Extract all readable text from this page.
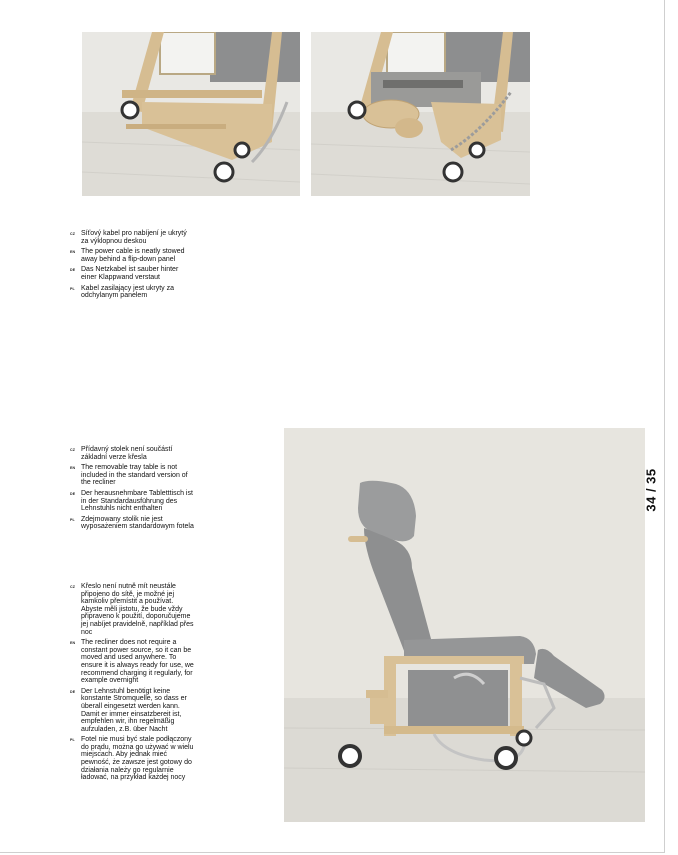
CZ Síťový kabel pro nabíjení je ukrytý za výklopnou deskou
EN The power cable is neatly stowed away behind a flip-down panel
DE Das Netzkabel ist sauber hinter einer Klappwand verstaut
PL Kabel zasilający jest ukryty za odchylanym panelem
CZ Přídavný stolek není součástí základní verze křesla
EN The removable tray table is not included in the standard version of the recliner
DE Der herausnehmbare Tabletttisch ist in der Standardausführung des Lehnstuhls nicht enthalten
PL Zdejmowany stolik nie jest wyposażeniem standardowym fotela
CZ Křeslo není nutně mít neustále připojeno do sítě, je možné jej kamkoliv přemístit a používat. Abyste měli jistotu, že bude vždy připraveno k použití, doporučujeme jej nabíjet pravidelně, například přes noc
EN The recliner does not require a constant power source, so it can be moved and used anywhere. To ensure it is always ready for use, we recommend charging it regularly, for example overnight
DE Der Lehnstuhl benötigt keine konstante Stromquelle, so dass er überall eingesetzt werden kann. Damit er immer einsatzbereit ist, empfehlen wir, ihn regelmäßig aufzuladen, z.B. über Nacht
PL Fotel nie musi być stale podłączony do prądu, można go używać w wielu miejscach. Aby jednak mieć pewność, że zawsze jest gotowy do działania należy go regularnie ładować, na przykład każdej nocy
34 / 35
